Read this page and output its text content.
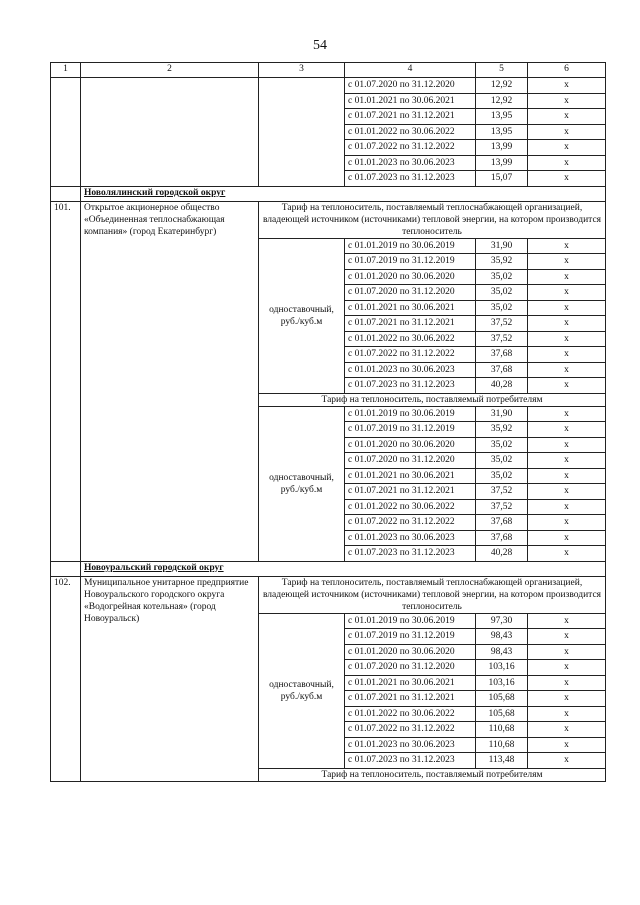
54
1	2	3	4	5	6
			с 01.07.2020 по 31.12.2020	12,92	х
			с 01.01.2021 по 30.06.2021	12,92	х
			с 01.07.2021 по 31.12.2021	13,95	х
			с 01.01.2022 по 30.06.2022	13,95	х
			с 01.07.2022 по 31.12.2022	13,99	х
			с 01.01.2023 по 30.06.2023	13,99	х
			с 01.07.2023 по 31.12.2023	15,07	х
	Новолялинский городской округ				
101.	Открытое акционерное общество «Объединенная теплоснабжающая компания» (город Екатеринбург)	Тариф на теплоноситель, поставляемый теплоснабжающей организацией, владеющей источником (источниками) тепловой энергии, на котором производится теплоноситель			
		одноставочный, руб./куб.м	с 01.01.2019 по 30.06.2019	31,90	х
			с 01.07.2019 по 31.12.2019	35,92	х
			с 01.01.2020 по 30.06.2020	35,02	х
			с 01.07.2020 по 31.12.2020	35,02	х
			с 01.01.2021 по 30.06.2021	35,02	х
			с 01.07.2021 по 31.12.2021	37,52	х
			с 01.01.2022 по 30.06.2022	37,52	х
			с 01.07.2022 по 31.12.2022	37,68	х
			с 01.01.2023 по 30.06.2023	37,68	х
			с 01.07.2023 по 31.12.2023	40,28	х
		Тариф на теплоноситель, поставляемый потребителям			
		одноставочный, руб./куб.м	с 01.01.2019 по 30.06.2019	31,90	х
			с 01.07.2019 по 31.12.2019	35,92	х
			с 01.01.2020 по 30.06.2020	35,02	х
			с 01.07.2020 по 31.12.2020	35,02	х
			с 01.01.2021 по 30.06.2021	35,02	х
			с 01.07.2021 по 31.12.2021	37,52	х
			с 01.01.2022 по 30.06.2022	37,52	х
			с 01.07.2022 по 31.12.2022	37,68	х
			с 01.01.2023 по 30.06.2023	37,68	х
			с 01.07.2023 по 31.12.2023	40,28	х
	Новоуральский городской округ				
102.	Муниципальное унитарное предприятие Новоуральского городского округа «Водогрейная котельная» (город Новоуральск)	Тариф на теплоноситель, поставляемый теплоснабжающей организацией, владеющей источником (источниками) тепловой энергии, на котором производится теплоноситель			
		одноставочный, руб./куб.м	с 01.01.2019 по 30.06.2019	97,30	х
			с 01.07.2019 по 31.12.2019	98,43	х
			с 01.01.2020 по 30.06.2020	98,43	х
			с 01.07.2020 по 31.12.2020	103,16	х
			с 01.01.2021 по 30.06.2021	103,16	х
			с 01.07.2021 по 31.12.2021	105,68	х
			с 01.01.2022 по 30.06.2022	105,68	х
			с 01.07.2022 по 31.12.2022	110,68	х
			с 01.01.2023 по 30.06.2023	110,68	х
			с 01.07.2023 по 31.12.2023	113,48	х
		Тариф на теплоноситель, поставляемый потребителям			
